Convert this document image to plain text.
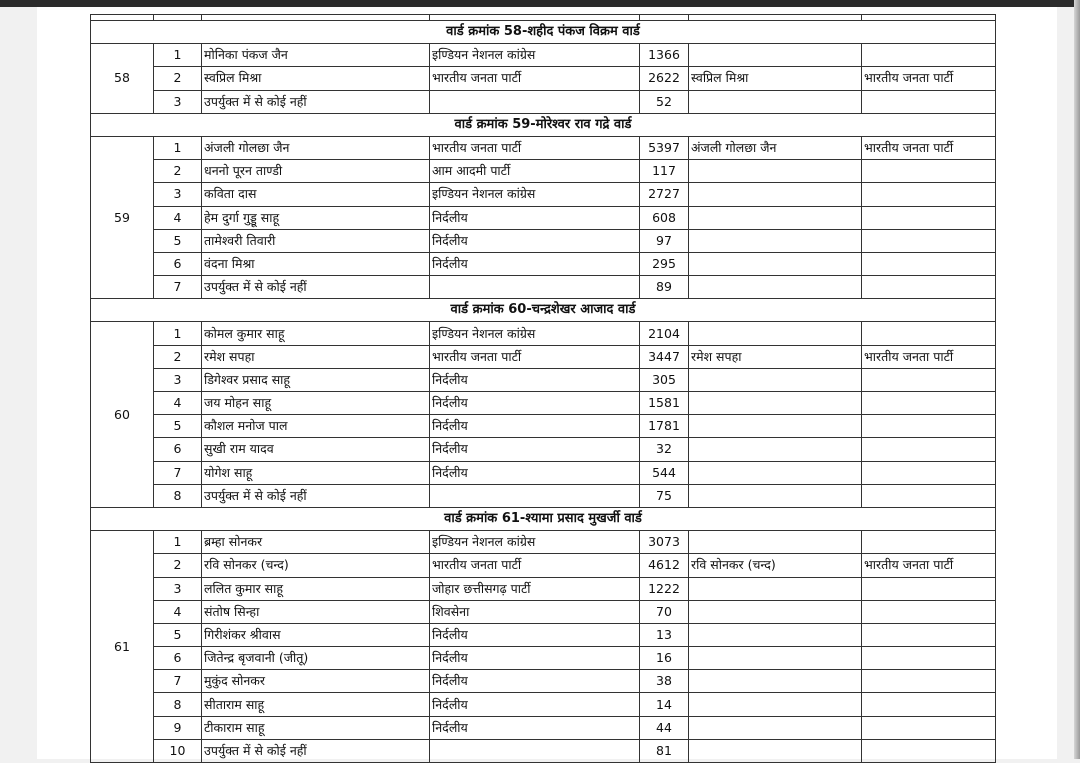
वार्ड क्रमांक 58-शहीद पंकज विक्रम वार्ड						
58	1	मोनिका पंकज जैन	इण्डियन नेशनल कांग्रेस	1366		
	2	स्वप्रिल मिश्रा	भारतीय जनता पार्टी	2622	स्वप्रिल मिश्रा	भारतीय जनता पार्टी
	3	उपर्युक्त में से कोई नहीं		52		
वार्ड क्रमांक 59-मोरेश्वर राव गद्रे वार्ड						
59	1	अंजली गोलछा जैन	भारतीय जनता पार्टी	5397	अंजली गोलछा जैन	भारतीय जनता पार्टी
	2	धननो पूरन ताण्डी	आम आदमी पार्टी	117		
	3	कविता दास	इण्डियन नेशनल कांग्रेस	2727		
	4	हेम दुर्गा गुड्डू साहू	निर्दलीय	608		
	5	तामेश्वरी तिवारी	निर्दलीय	97		
	6	वंदना मिश्रा	निर्दलीय	295		
	7	उपर्युक्त में से कोई नहीं		89		
वार्ड क्रमांक 60-चन्द्रशेखर आजाद वार्ड						
60	1	कोमल कुमार साहू	इण्डियन नेशनल कांग्रेस	2104		
	2	रमेश सपहा	भारतीय जनता पार्टी	3447	रमेश सपहा	भारतीय जनता पार्टी
	3	डिगेश्वर प्रसाद साहू	निर्दलीय	305		
	4	जय मोहन साहू	निर्दलीय	1581		
	5	कौशल मनोज पाल	निर्दलीय	1781		
	6	सुखी राम यादव	निर्दलीय	32		
	7	योगेश साहू	निर्दलीय	544		
	8	उपर्युक्त में से कोई नहीं		75		
वार्ड क्रमांक 61-श्यामा प्रसाद मुखर्जी वार्ड						
61	1	ब्रम्हा सोनकर	इण्डियन नेशनल कांग्रेस	3073		
	2	रवि सोनकर (चन्द)	भारतीय जनता पार्टी	4612	रवि सोनकर (चन्द)	भारतीय जनता पार्टी
	3	ललित कुमार साहू	जोहार छत्तीसगढ़ पार्टी	1222		
	4	संतोष सिन्हा	शिवसेना	70		
	5	गिरीशंकर श्रीवास	निर्दलीय	13		
	6	जितेन्द्र बृजवानी (जीतू)	निर्दलीय	16		
	7	मुकुंद सोनकर	निर्दलीय	38		
	8	सीताराम साहू	निर्दलीय	14		
	9	टीकाराम साहू	निर्दलीय	44		
	10	उपर्युक्त में से कोई नहीं		81		
